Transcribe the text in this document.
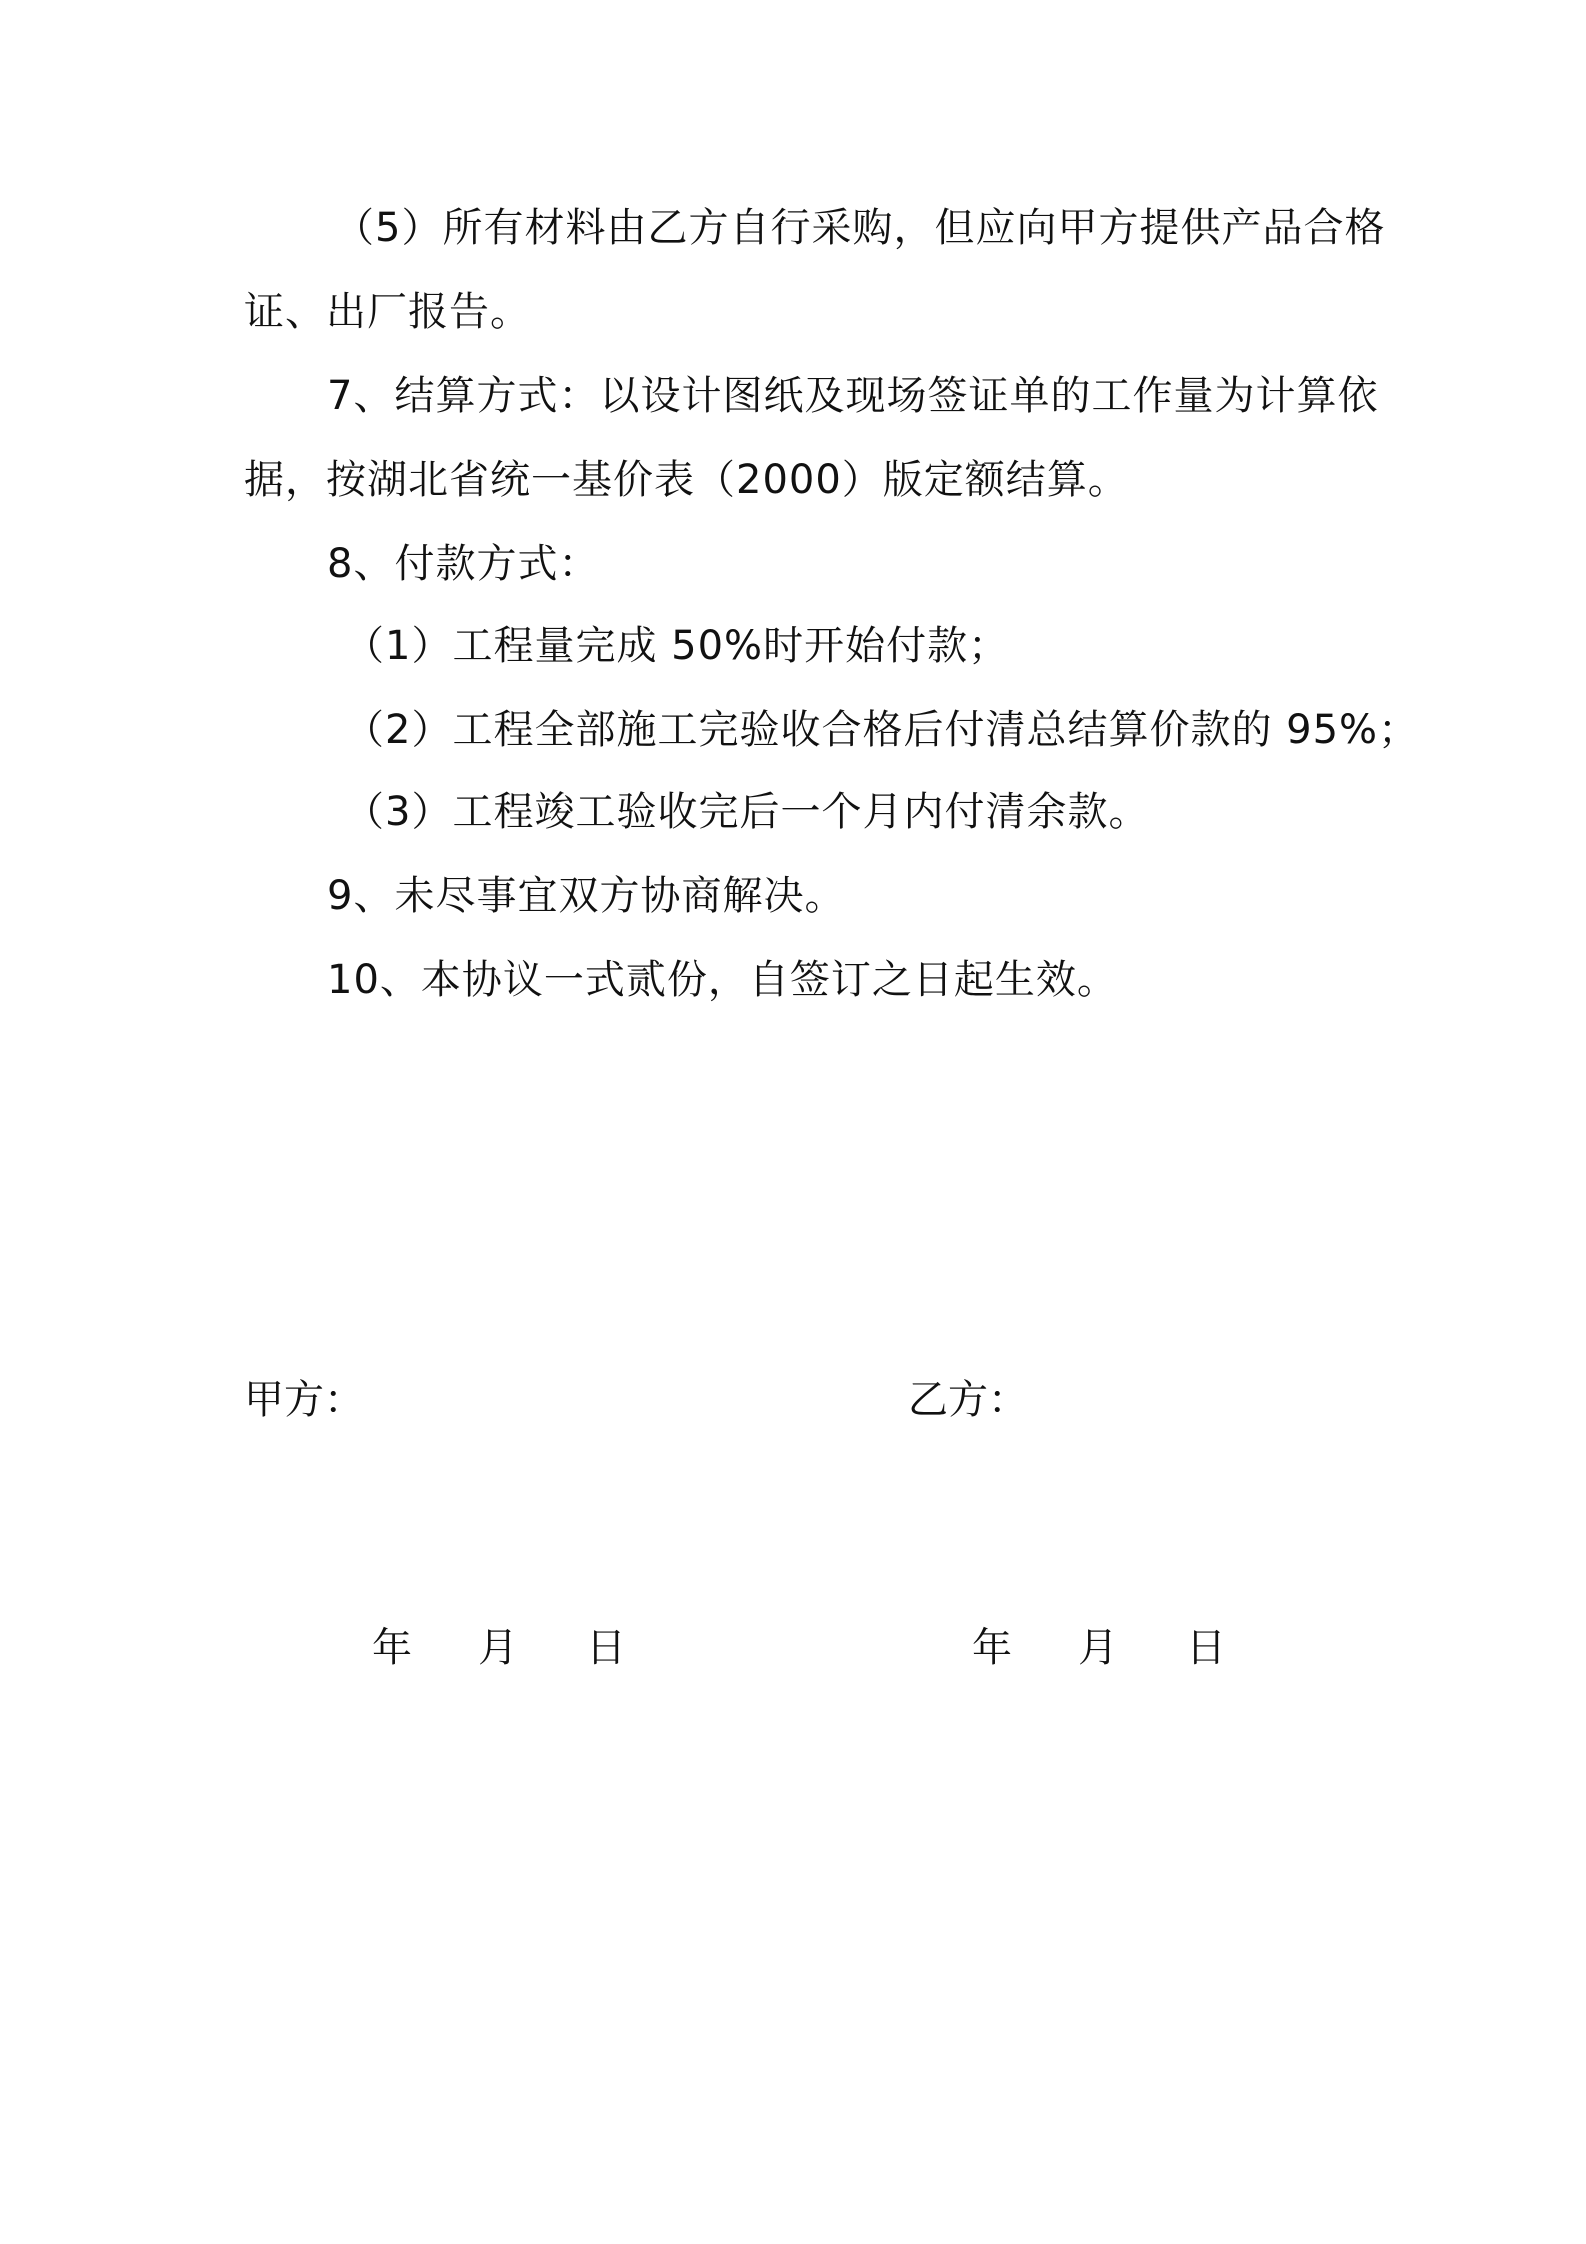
（5）所有材料由乙方自行采购，但应向甲方提供产品合格
证、出厂报告。
7、结算方式：以设计图纸及现场签证单的工作量为计算依
据，按湖北省统一基价表（2000）版定额结算。
8、付款方式：
（1）工程量完成 50%时开始付款；
（2）工程全部施工完验收合格后付清总结算价款的 95%；
（3）工程竣工验收完后一个月内付清余款。
9、未尽事宜双方协商解决。
10、本协议一式贰份，自签订之日起生效。
甲方：	乙方：
年 月 日	年 月 日
